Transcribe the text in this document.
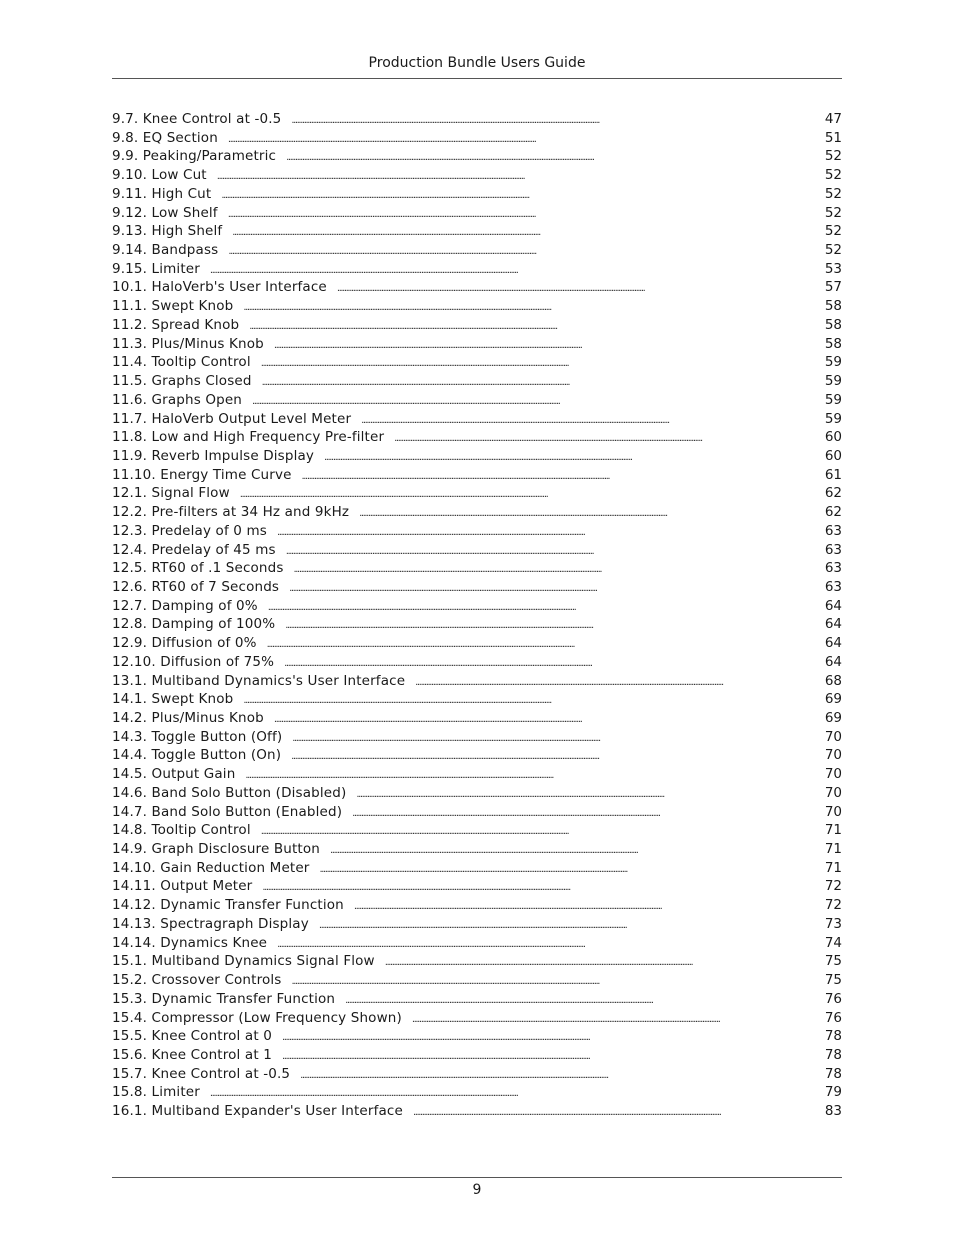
Production Bundle Users Guide
9.7. Knee Control at -0.5 . . .	47
9.8. EQ Section . . .	51
9.9. Peaking/Parametric . . .	52
9.10. Low Cut . . .	52
9.11. High Cut . . .	52
9.12. Low Shelf . . .	52
9.13. High Shelf . . .	52
9.14. Bandpass . . .	52
9.15. Limiter . . .	53
10.1. HaloVerb's User Interface . . .	57
11.1. Swept Knob . . .	58
11.2. Spread Knob . . .	58
11.3. Plus/Minus Knob . . .	58
11.4. Tooltip Control . . .	59
11.5. Graphs Closed . . .	59
11.6. Graphs Open . . .	59
11.7. HaloVerb Output Level Meter . . .	59
11.8. Low and High Frequency Pre-filter . . .	60
11.9. Reverb Impulse Display . . .	60
11.10. Energy Time Curve . . .	61
12.1. Signal Flow . . .	62
12.2. Pre-filters at 34 Hz and 9kHz . . .	62
12.3. Predelay of 0 ms . . .	63
12.4. Predelay of 45 ms . . .	63
12.5. RT60 of .1 Seconds . . .	63
12.6. RT60 of 7 Seconds . . .	63
12.7. Damping of 0% . . .	64
12.8. Damping of 100% . . .	64
12.9. Diffusion of 0% . . .	64
12.10. Diffusion of 75% . . .	64
13.1. Multiband Dynamics's User Interface . . .	68
14.1. Swept Knob . . .	69
14.2. Plus/Minus Knob . . .	69
14.3. Toggle Button (Off) . . .	70
14.4. Toggle Button (On) . . .	70
14.5. Output Gain . . .	70
14.6. Band Solo Button (Disabled) . . .	70
14.7. Band Solo Button (Enabled) . . .	70
14.8. Tooltip Control . . .	71
14.9. Graph Disclosure Button . . .	71
14.10. Gain Reduction Meter . . .	71
14.11. Output Meter . . .	72
14.12. Dynamic Transfer Function . . .	72
14.13. Spectragraph Display . . .	73
14.14. Dynamics Knee . . .	74
15.1. Multiband Dynamics Signal Flow . . .	75
15.2. Crossover Controls . . .	75
15.3. Dynamic Transfer Function . . .	76
15.4. Compressor (Low Frequency Shown) . . .	76
15.5. Knee Control at 0 . . .	78
15.6. Knee Control at 1 . . .	78
15.7. Knee Control at -0.5 . . .	78
15.8. Limiter . . .	79
16.1. Multiband Expander's User Interface . . .	83
9
